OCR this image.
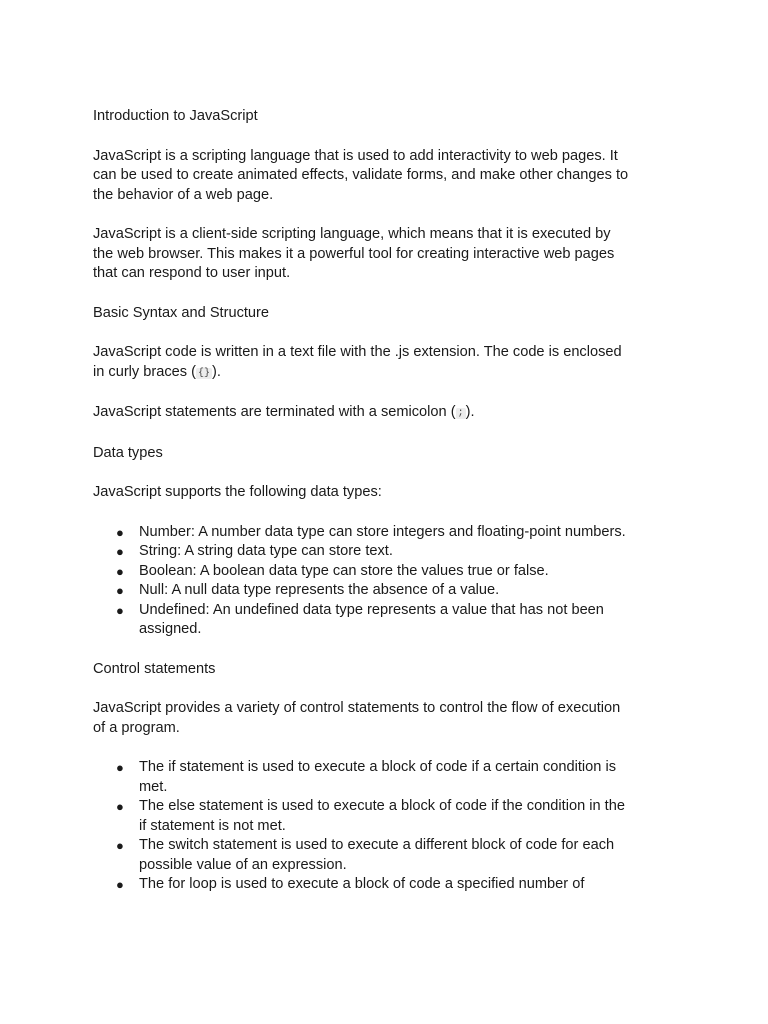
Introduction to JavaScript

JavaScript is a scripting language that is used to add interactivity to web pages. It can be used to create animated effects, validate forms, and make other changes to the behavior of a web page.

JavaScript is a client-side scripting language, which means that it is executed by the web browser. This makes it a powerful tool for creating interactive web pages that can respond to user input.

Basic Syntax and Structure

JavaScript code is written in a text file with the .js extension. The code is enclosed in curly braces ( {} ).

JavaScript statements are terminated with a semicolon ( ; ).

Data types

JavaScript supports the following data types:

● Number: A number data type can store integers and floating-point numbers.
● String: A string data type can store text.
● Boolean: A boolean data type can store the values true or false.
● Null: A null data type represents the absence of a value.
● Undefined: An undefined data type represents a value that has not been assigned.

Control statements

JavaScript provides a variety of control statements to control the flow of execution of a program.

● The if statement is used to execute a block of code if a certain condition is met.
● The else statement is used to execute a block of code if the condition in the if statement is not met.
● The switch statement is used to execute a different block of code for each possible value of an expression.
● The for loop is used to execute a block of code a specified number of
